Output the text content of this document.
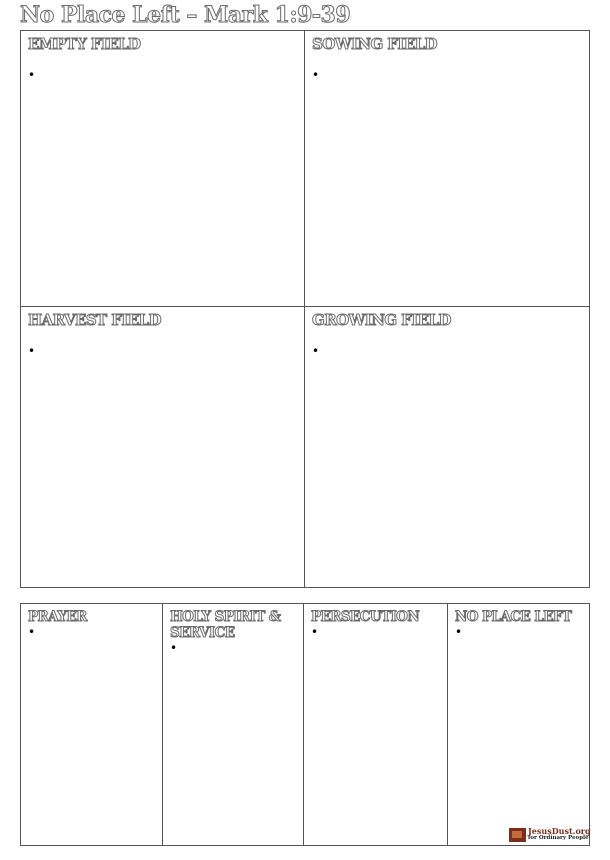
No Place Left – Mark 1:9-39
EMPTY FIELD
•
SOWING FIELD
•
HARVEST FIELD
•
GROWING FIELD
•
PRAYER
•
HOLY SPIRIT & SERVICE
•
PERSECUTION
•
NO PLACE LEFT
•
JesusDust.org
for Ordinary People
